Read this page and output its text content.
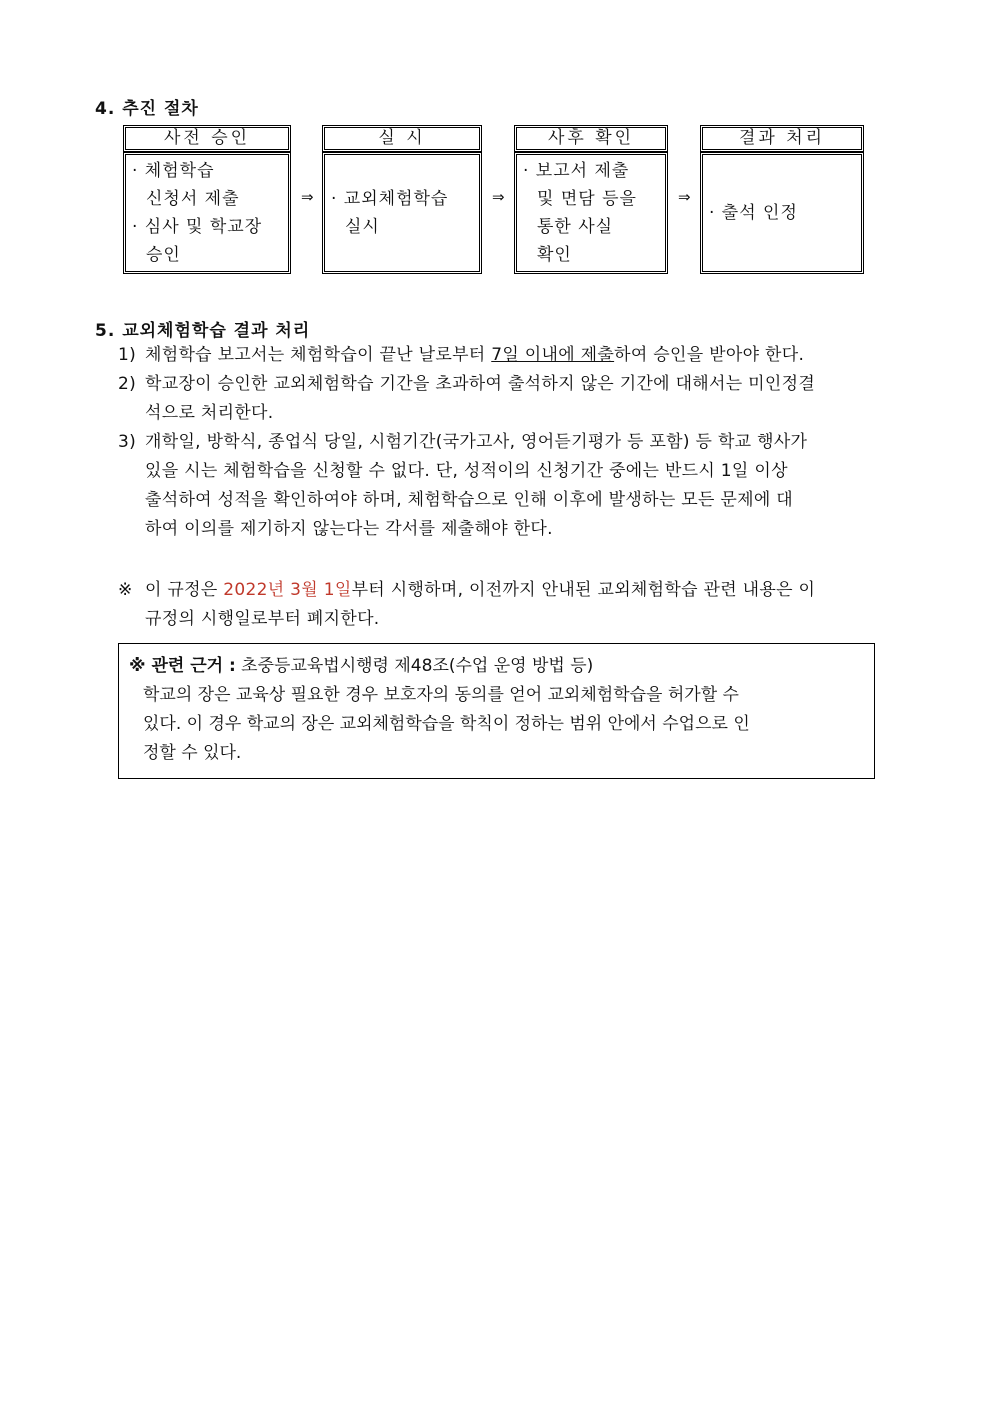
4. 추진 절차
사전 승인
· 체험학습
신청서 제출
· 심사 및 학교장
승인
⇒
실 시
· 교외체험학습
실시
⇒
사후 확인
· 보고서 제출
및 면담 등을
통한 사실
확인
⇒
결과 처리
· 출석 인정
5. 교외체험학습 결과 처리
1) 체험학습 보고서는 체험학습이 끝난 날로부터 7일 이내에 제출하여 승인을 받아야 한다.
2) 학교장이 승인한 교외체험학습 기간을 초과하여 출석하지 않은 기간에 대해서는 미인정결
석으로 처리한다.
3) 개학일, 방학식, 종업식 당일, 시험기간(국가고사, 영어듣기평가 등 포함) 등 학교 행사가
있을 시는 체험학습을 신청할 수 없다. 단, 성적이의 신청기간 중에는 반드시 1일 이상
출석하여 성적을 확인하여야 하며, 체험학습으로 인해 이후에 발생하는 모든 문제에 대
하여 이의를 제기하지 않는다는 각서를 제출해야 한다.
※ 이 규정은 2022년 3월 1일부터 시행하며, 이전까지 안내된 교외체험학습 관련 내용은 이
규정의 시행일로부터 폐지한다.
※ 관련 근거 : 초중등교육법시행령 제48조(수업 운영 방법 등)
학교의 장은 교육상 필요한 경우 보호자의 동의를 얻어 교외체험학습을 허가할 수
있다. 이 경우 학교의 장은 교외체험학습을 학칙이 정하는 범위 안에서 수업으로 인
정할 수 있다.
